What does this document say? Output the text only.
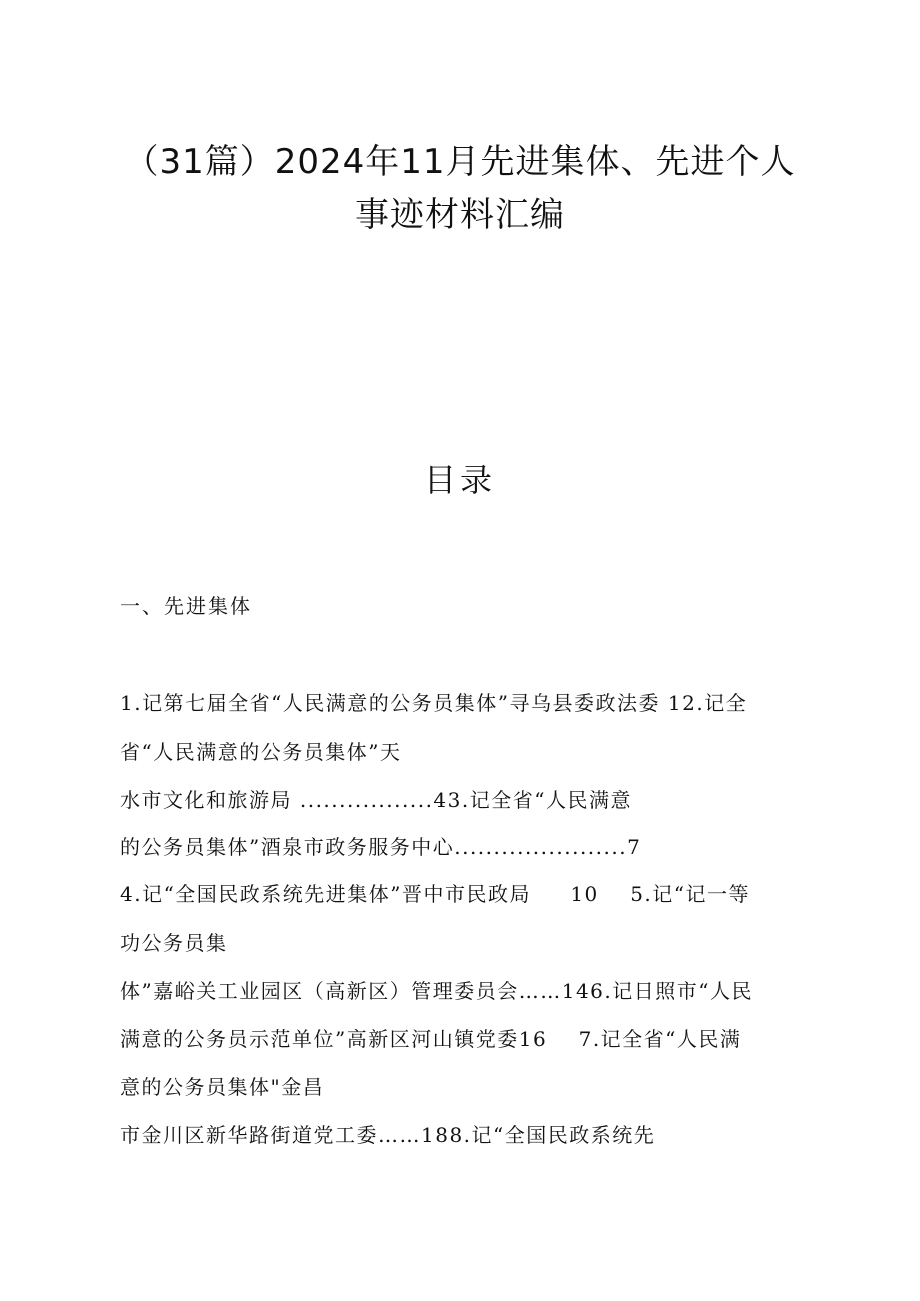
（31篇）2024年11月先进集体、先进个人
事迹材料汇编
目录
一、先进集体
1.记第七届全省“人民满意的公务员集体”寻乌县委政法委 12.记全
省“人民满意的公务员集体”天
水市文化和旅游局 .................43.记全省“人民满意
的公务员集体”酒泉市政务服务中心......................7
4.记“全国民政系统先进集体”晋中市民政局     10    5.记“记一等
功公务员集
体”嘉峪关工业园区（高新区）管理委员会……146.记日照市“人民
满意的公务员示范单位”高新区河山镇党委16    7.记全省“人民满
意的公务员集体"金昌
市金川区新华路街道党工委……188.记“全国民政系统先
